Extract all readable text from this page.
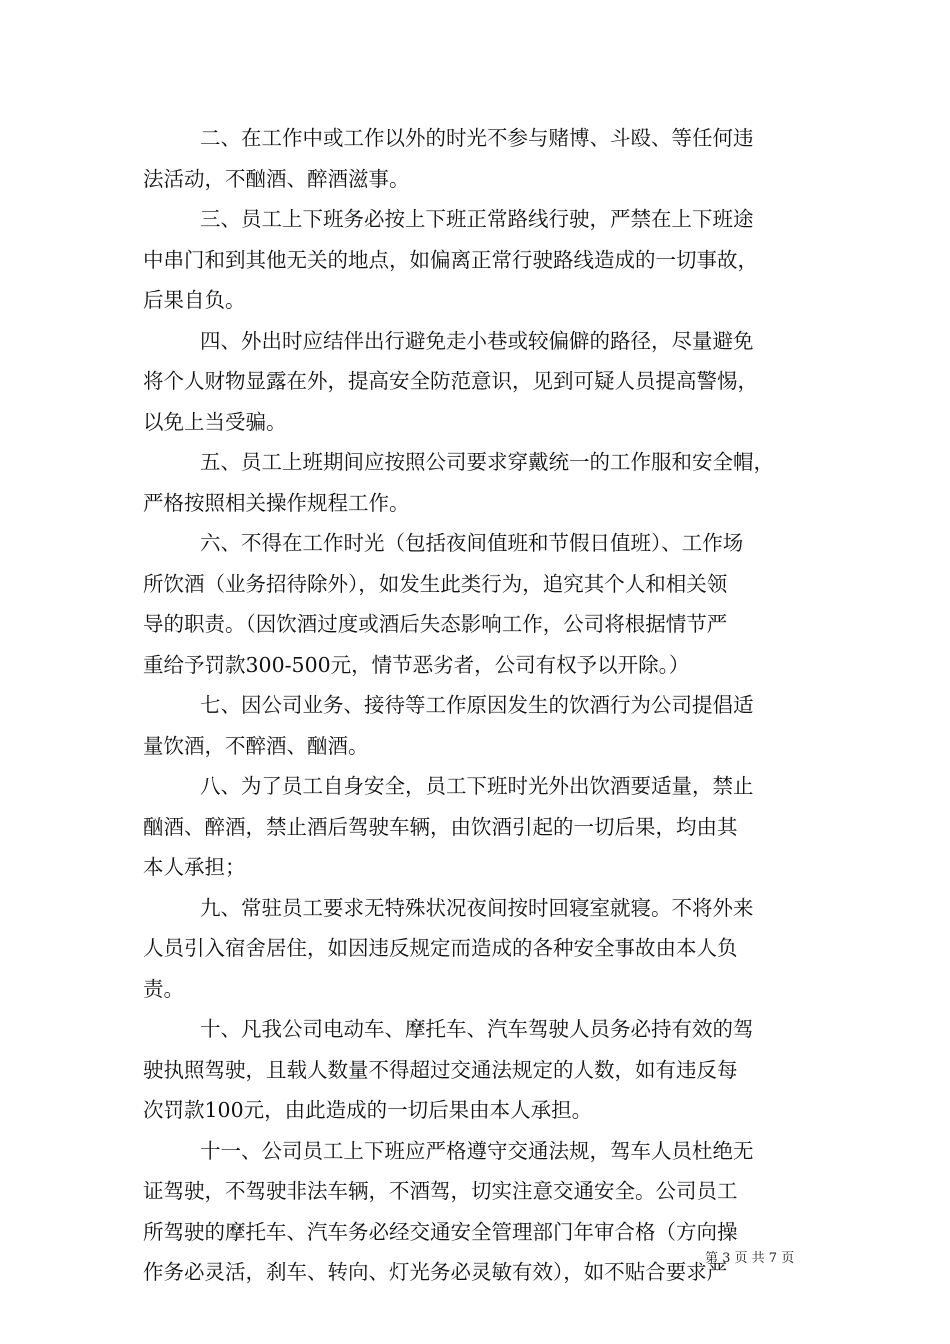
二、在工作中或工作以外的时光不参与赌博、斗殴、等任何违
法活动，不酗酒、醉酒滋事。
三、员工上下班务必按上下班正常路线行驶，严禁在上下班途
中串门和到其他无关的地点，如偏离正常行驶路线造成的一切事故，
后果自负。
四、外出时应结伴出行避免走小巷或较偏僻的路径，尽量避免
将个人财物显露在外，提高安全防范意识，见到可疑人员提高警惕，
以免上当受骗。
五、员工上班期间应按照公司要求穿戴统一的工作服和安全帽，
严格按照相关操作规程工作。
六、不得在工作时光（包括夜间值班和节假日值班）、工作场
所饮酒（业务招待除外），如发生此类行为，追究其个人和相关领
导的职责。（因饮酒过度或酒后失态影响工作，公司将根据情节严
重给予罚款300-500元，情节恶劣者，公司有权予以开除。）
七、因公司业务、接待等工作原因发生的饮酒行为公司提倡适
量饮酒，不醉酒、酗酒。
八、为了员工自身安全，员工下班时光外出饮酒要适量，禁止
酗酒、醉酒，禁止酒后驾驶车辆，由饮酒引起的一切后果，均由其
本人承担；
九、常驻员工要求无特殊状况夜间按时回寝室就寝。不将外来
人员引入宿舍居住，如因违反规定而造成的各种安全事故由本人负
责。
十、凡我公司电动车、摩托车、汽车驾驶人员务必持有效的驾
驶执照驾驶，且载人数量不得超过交通法规定的人数，如有违反每
次罚款100元，由此造成的一切后果由本人承担。
十一、公司员工上下班应严格遵守交通法规，驾车人员杜绝无
证驾驶，不驾驶非法车辆，不酒驾，切实注意交通安全。公司员工
所驾驶的摩托车、汽车务必经交通安全管理部门年审合格（方向操
作务必灵活，刹车、转向、灯光务必灵敏有效），如不贴合要求严
第 3 页 共 7 页
